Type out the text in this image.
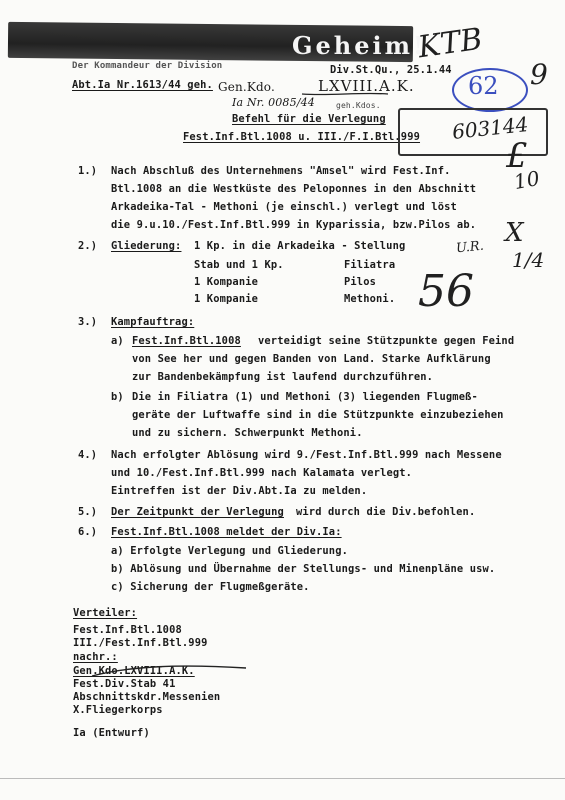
Geheim!
Der Kommandeur der Division	Div.St.Qu., 25.1.44
Abt.Ia Nr.1613/44 geh. Gen.Kdo.	LXVIII.A.K.
Ia Nr. 0085/44	geh.Kdos.
Befehl für die Verlegung
Fest.Inf.Btl.1008 u. III./F.I.Btl.999
KTB
62 9
603144
£
10
X
1/4
U.R.
56
1.) Nach Abschluß des Unternehmens "Amsel" wird Fest.Inf.
Btl.1008 an die Westküste des Peloponnes in den Abschnitt
Arkadeika-Tal - Methoni (je einschl.) verlegt und löst
die 9.u.10./Fest.Inf.Btl.999 in Kyparissia, bzw.Pilos ab.
2.) Gliederung: 1 Kp. in die Arkadeika - Stellung
Stab und 1 Kp.	Filiatra
1 Kompanie	Pilos
1 Kompanie	Methoni.
3.) Kampfauftrag:
a) Fest.Inf.Btl.1008 verteidigt seine Stützpunkte gegen Feind
von See her und gegen Banden von Land. Starke Aufklärung
zur Bandenbekämpfung ist laufend durchzuführen.
b) Die in Filiatra (1) und Methoni (3) liegenden Flugmeß-
geräte der Luftwaffe sind in die Stützpunkte einzubeziehen
und zu sichern. Schwerpunkt Methoni.
4.) Nach erfolgter Ablösung wird 9./Fest.Inf.Btl.999 nach Messene
und 10./Fest.Inf.Btl.999 nach Kalamata verlegt.
Eintreffen ist der Div.Abt.Ia zu melden.
5.) Der Zeitpunkt der Verlegung wird durch die Div.befohlen.
6.) Fest.Inf.Btl.1008 meldet der Div.Ia:
a) Erfolgte Verlegung und Gliederung.
b) Ablösung und Übernahme der Stellungs- und Minenpläne usw.
c) Sicherung der Flugmeßgeräte.
Verteiler:
Fest.Inf.Btl.1008
III./Fest.Inf.Btl.999
nachr.:
Gen.Kdo.LXVIII.A.K.
Fest.Div.Stab 41
Abschnittskdr.Messenien
X.Fliegerkorps
Ia (Entwurf)
